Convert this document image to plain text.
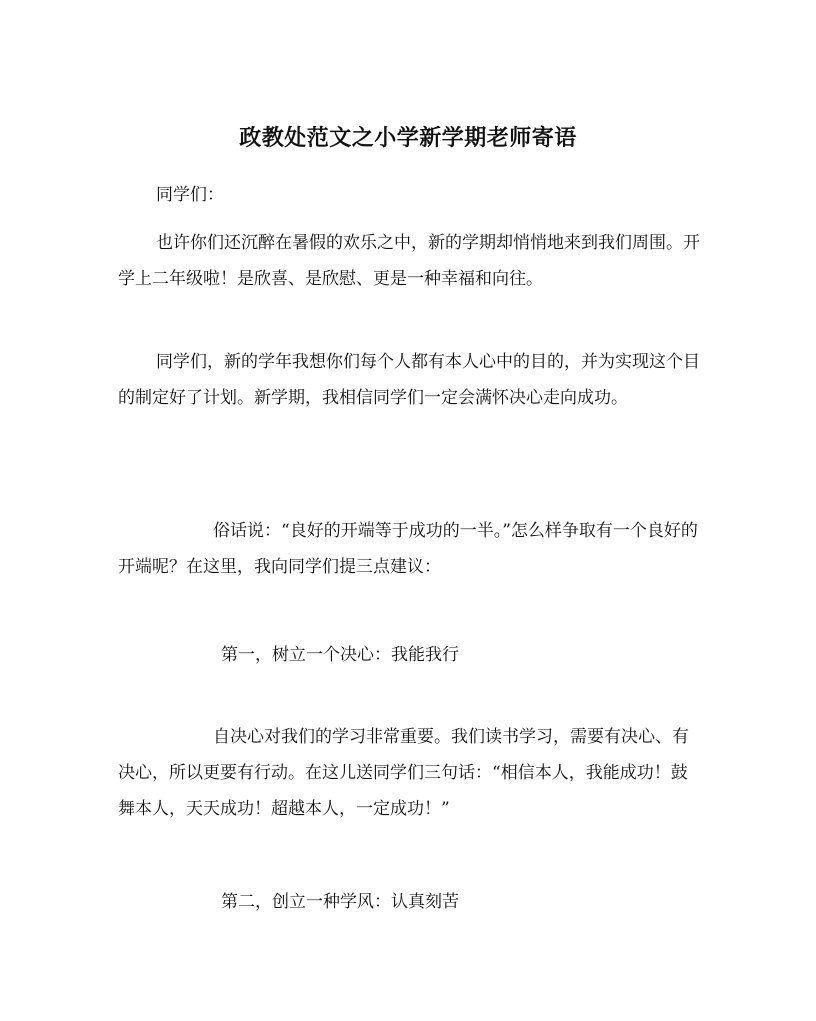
政教处范文之小学新学期老师寄语

同学们：

也许你们还沉醉在暑假的欢乐之中，新的学期却悄悄地来到我们周围。开学上二年级啦！是欣喜、是欣慰、更是一种幸福和向往。

同学们，新的学年我想你们每个人都有本人心中的目的，并为实现这个目的制定好了计划。新学期，我相信同学们一定会满怀决心走向成功。

俗话说：“良好的开端等于成功的一半。”怎么样争取有一个良好的开端呢？在这里，我向同学们提三点建议：

第一，树立一个决心：我能我行

自决心对我们的学习非常重要。我们读书学习，需要有决心、有决心，所以更要有行动。在这儿送同学们三句话：“相信本人，我能成功！鼓舞本人，天天成功！超越本人，一定成功！”

第二，创立一种学风：认真刻苦
